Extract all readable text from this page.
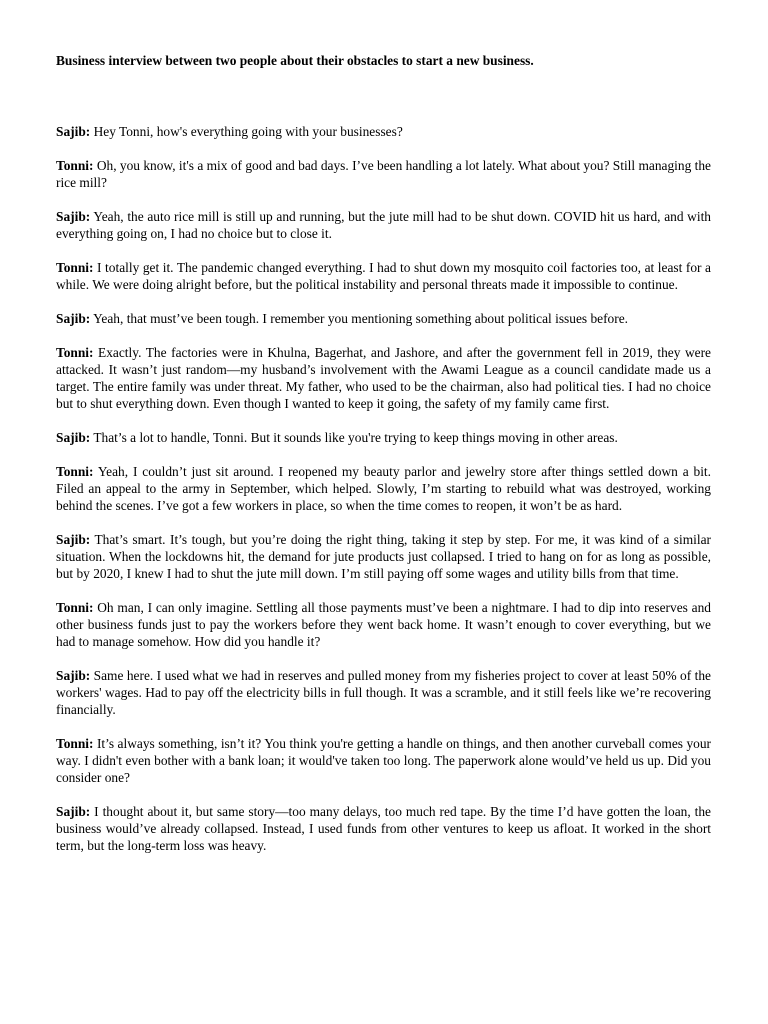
Business interview between two people about their obstacles to start a new business.

Sajib: Hey Tonni, how's everything going with your businesses?

Tonni: Oh, you know, it's a mix of good and bad days. I’ve been handling a lot lately. What about you? Still managing the rice mill?

Sajib: Yeah, the auto rice mill is still up and running, but the jute mill had to be shut down. COVID hit us hard, and with everything going on, I had no choice but to close it.

Tonni: I totally get it. The pandemic changed everything. I had to shut down my mosquito coil factories too, at least for a while. We were doing alright before, but the political instability and personal threats made it impossible to continue.

Sajib: Yeah, that must’ve been tough. I remember you mentioning something about political issues before.

Tonni: Exactly. The factories were in Khulna, Bagerhat, and Jashore, and after the government fell in 2019, they were attacked. It wasn’t just random—my husband’s involvement with the Awami League as a council candidate made us a target. The entire family was under threat. My father, who used to be the chairman, also had political ties. I had no choice but to shut everything down. Even though I wanted to keep it going, the safety of my family came first.

Sajib: That’s a lot to handle, Tonni. But it sounds like you're trying to keep things moving in other areas.

Tonni: Yeah, I couldn’t just sit around. I reopened my beauty parlor and jewelry store after things settled down a bit. Filed an appeal to the army in September, which helped. Slowly, I’m starting to rebuild what was destroyed, working behind the scenes. I’ve got a few workers in place, so when the time comes to reopen, it won’t be as hard.

Sajib: That’s smart. It’s tough, but you’re doing the right thing, taking it step by step. For me, it was kind of a similar situation. When the lockdowns hit, the demand for jute products just collapsed. I tried to hang on for as long as possible, but by 2020, I knew I had to shut the jute mill down. I’m still paying off some wages and utility bills from that time.

Tonni: Oh man, I can only imagine. Settling all those payments must’ve been a nightmare. I had to dip into reserves and other business funds just to pay the workers before they went back home. It wasn’t enough to cover everything, but we had to manage somehow. How did you handle it?

Sajib: Same here. I used what we had in reserves and pulled money from my fisheries project to cover at least 50% of the workers' wages. Had to pay off the electricity bills in full though. It was a scramble, and it still feels like we’re recovering financially.

Tonni: It’s always something, isn’t it? You think you're getting a handle on things, and then another curveball comes your way. I didn't even bother with a bank loan; it would've taken too long. The paperwork alone would’ve held us up. Did you consider one?

Sajib: I thought about it, but same story—too many delays, too much red tape. By the time I’d have gotten the loan, the business would’ve already collapsed. Instead, I used funds from other ventures to keep us afloat. It worked in the short term, but the long-term loss was heavy.
